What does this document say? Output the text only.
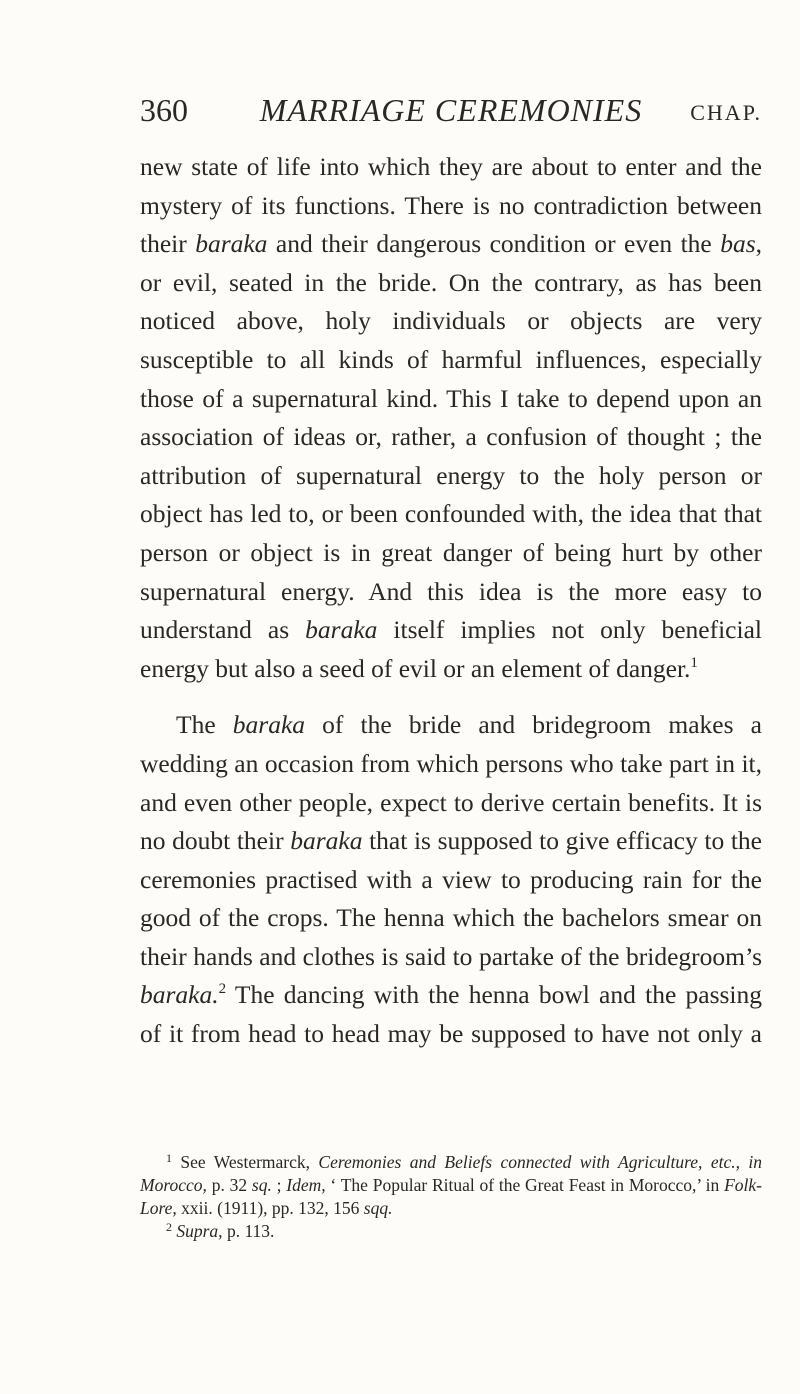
360	MARRIAGE CEREMONIES	CHAP.

new state of life into which they are about to enter and the mystery of its functions. There is no contradiction between their baraka and their dangerous condition or even the bas, or evil, seated in the bride. On the contrary, as has been noticed above, holy individuals or objects are very susceptible to all kinds of harmful influences, especially those of a supernatural kind. This I take to depend upon an association of ideas or, rather, a confusion of thought ; the attribution of supernatural energy to the holy person or object has led to, or been confounded with, the idea that that person or object is in great danger of being hurt by other supernatural energy. And this idea is the more easy to understand as baraka itself implies not only beneficial energy but also a seed of evil or an element of danger.$^1$

The baraka of the bride and bridegroom makes a wedding an occasion from which persons who take part in it, and even other people, expect to derive certain benefits. It is no doubt their baraka that is supposed to give efficacy to the ceremonies practised with a view to producing rain for the good of the crops. The henna which the bachelors smear on their hands and clothes is said to partake of the bridegroom’s baraka.$^2$ The dancing with the henna bowl and the passing of it from head to head may be supposed to have not only a

$^1$ See Westermarck, Ceremonies and Beliefs connected with Agriculture, etc., in Morocco, p. 32 sq. ; Idem, ‘ The Popular Ritual of the Great Feast in Morocco,’ in Folk-Lore, xxii. (1911), pp. 132, 156 sqq.

$^2$ Supra, p. 113.
